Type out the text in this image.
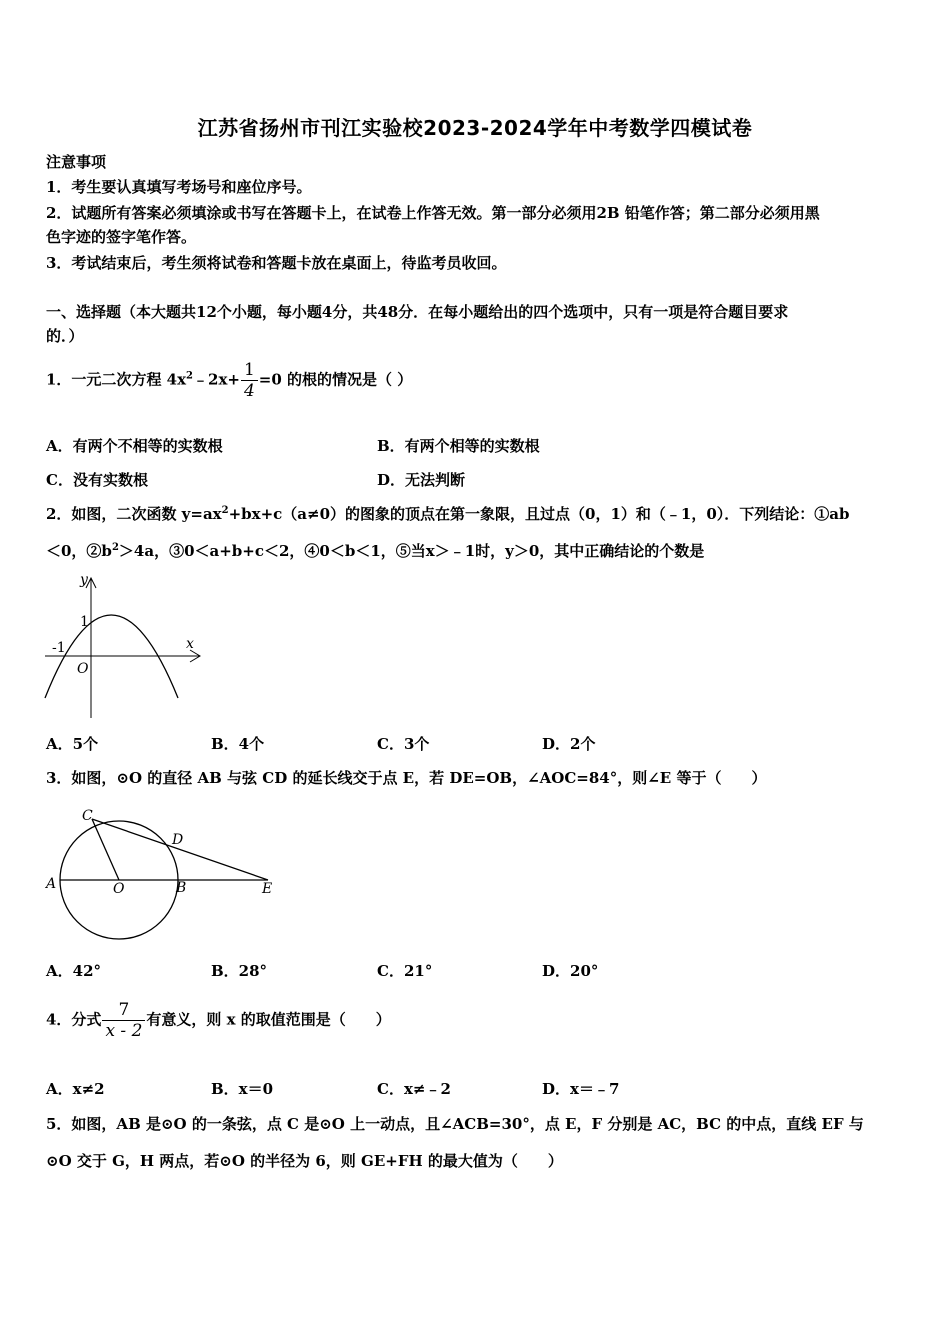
江苏省扬州市刊江实验校2023-2024学年中考数学四模试卷
注意事项
1．考生要认真填写考场号和座位序号。
2．试题所有答案必须填涂或书写在答题卡上，在试卷上作答无效。第一部分必须用2B 铅笔作答；第二部分必须用黑
色字迹的签字笔作答。
3．考试结束后，考生须将试卷和答题卡放在桌面上，待监考员收回。
一、选择题（本大题共12个小题，每小题4分，共48分．在每小题给出的四个选项中，只有一项是符合题目要求
的．）
1．一元二次方程 $4x^2﹣2x+ \frac{1}{4} =0$ 的根的情况是（ ）
A．有两个不相等的实数根	B．有两个相等的实数根
C．没有实数根	D．无法判断
2．如图，二次函数 $y=ax^2+bx+c(a\ne 0)$的图象的顶点在第一象限，且过点（0，1）和（﹣1，0）．下列结论：①ab
＜0，$②b^2>4a$，③0＜a+b+c＜2，④0＜b＜1，⑤当x＞﹣1时，y＞0，其中正确结论的个数是
y
x
1
-1
O
A．5个	B．4个	C．3个	D．2个
3．如图，⊙O 的直径 AB 与弦 CD 的延长线交于点 E，若 DE=OB，∠AOC=84°，则∠E 等于（　　）
A	B
C
D
E
O
A．42°	B．28°	C．21°	D．20°
4．分式 $\frac{7}{x - 2}$ 有意义，则 x 的取值范围是（　　）
A．x≠2	B．x＝0	C．x≠﹣2	D．x＝﹣7
5．如图，AB 是⊙O 的一条弦，点 C 是⊙O 上一动点，且∠ACB=30°，点 E，F 分别是 AC，BC 的中点，直线 EF 与
⊙O 交于 G，H 两点，若⊙O 的半径为 6，则 GE+FH 的最大值为（　　）
